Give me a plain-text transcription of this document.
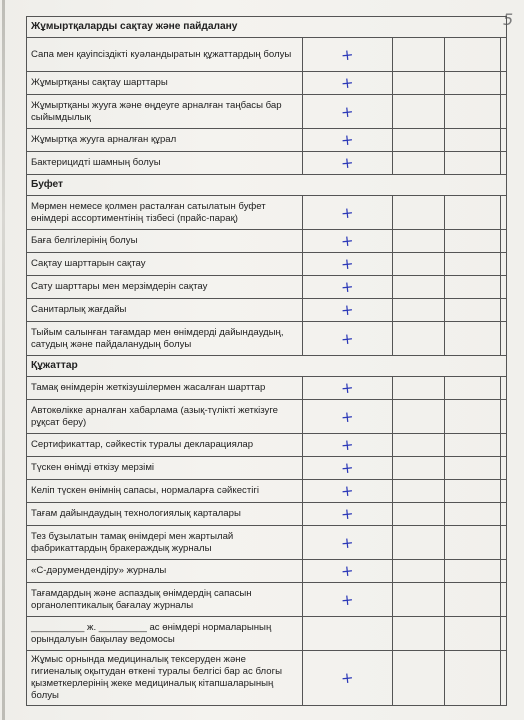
5
Жұмыртқаларды сақтау және пайдалану				
Сапа мен қауіпсіздікті куәландыратын құжаттардың болуы	+			
Жұмыртқаны сақтау шарттары	+			
Жұмыртқаны жууга және өңдеуге арналған таңбасы бар сыйымдылық	+			
Жұмыртқа жууга арналған құрал	+			
Бактерицидті шамның болуы	+			
Буфет				
Мөрмен немесе қолмен расталған сатылатын буфет өнімдері ассортиментінің тізбесі (прайс-парақ)	+			
Баға белгілерінің болуы	+			
Сақтау шарттарын сақтау	+			
Сату шарттары мен мерзімдерін сақтау	+			
Санитарлық жағдайы	+			
Тыйым салынған тағамдар мен өнімдерді дайындаудың, сатудың және пайдаланудың болуы	+			
Құжаттар				
Тамақ өнімдерін жеткізушілермен жасалған шарттар	+			
Автокөлікке арналған хабарлама (азық-түлікті жеткізуге рұқсат беру)	+			
Сертификаттар, сәйкестік туралы декларациялар	+			
Түскен өнімді өткізу мерзімі	+			
Келіп түскен өнімнің сапасы, нормаларға сәйкестігі	+			
Тағам дайындаудың технологиялық карталары	+			
Тез бұзылатын тамақ өнімдері мен жартылай фабрикаттардың бракераждық журналы	+			
«С-дәрумендендіру» журналы	+			
Тағамдардың және аспаздық өнімдердің сапасын органолептикалық бағалау журналы	+			
__________ ж. _________ ас өнімдері нормаларының орындалуын бақылау ведомосы				
Жұмыс орнында медициналық тексеруден және гигиеналық оқытудан өткені туралы белгісі бар ас блогы қызметкерлерінің жеке медициналық кітапшаларының болуы	+			
